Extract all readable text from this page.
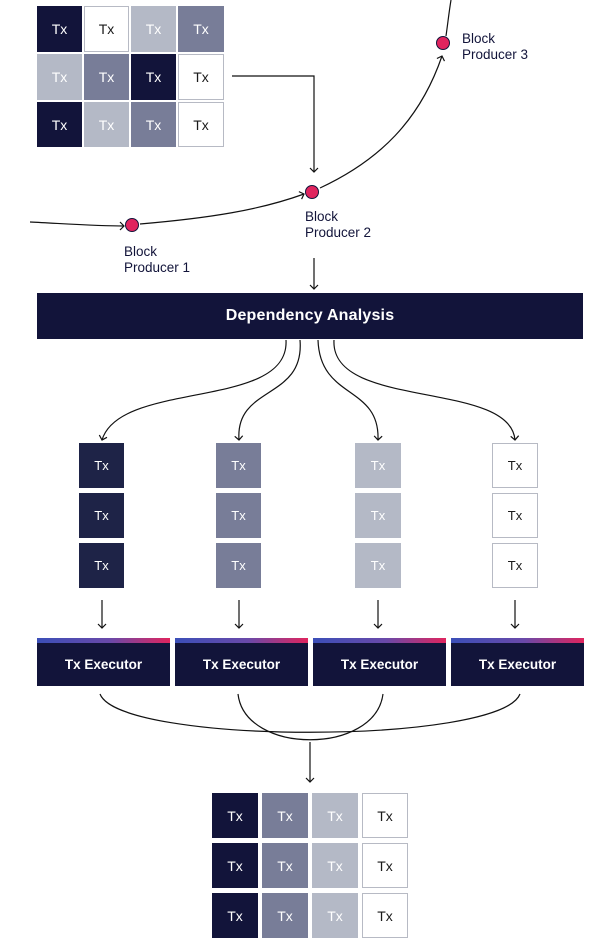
Tx Tx Tx Tx
Tx Tx Tx Tx
Tx Tx Tx Tx
Block
Producer 1
Block
Producer 2
Block
Producer 3
Dependency Analysis
Tx
Tx
Tx
Tx
Tx
Tx
Tx
Tx
Tx
Tx
Tx
Tx
Tx Executor	Tx Executor	Tx Executor	Tx Executor
Tx Tx Tx Tx
Tx Tx Tx Tx
Tx Tx Tx Tx
